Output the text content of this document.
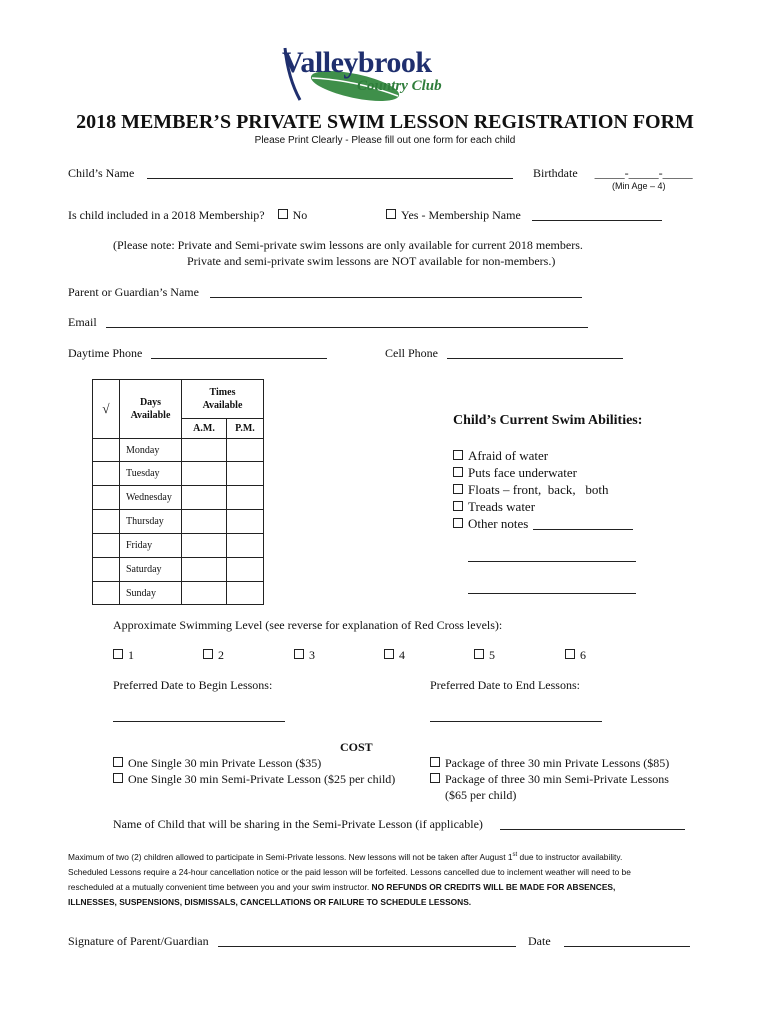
Valleybrook
Country Club
2018 MEMBER’S PRIVATE SWIM LESSON REGISTRATION FORM
Please Print Clearly - Please fill out one form for each child
Child’s Name	Birthdate _____-_____-_____
(Min Age – 4)
Is child included in a 2018 Membership? No	Yes - Membership Name
(Please note: Private and Semi-private swim lessons are only available for current 2018 members.
Private and semi-private swim lessons are NOT available for non-members.)
Parent or Guardian’s Name
Email
Daytime Phone	Cell Phone
√	Days Available	Times Available	
		A.M.	P.M.
	Monday		
	Tuesday		
	Wednesday		
	Thursday		
	Friday		
	Saturday		
	Sunday		
Child’s Current Swim Abilities:
Afraid of water
Puts face underwater
Floats – front,  back,   both
Treads water
Other notes
Approximate Swimming Level (see reverse for explanation of Red Cross levels):
1	2	3	4	5	6
Preferred Date to Begin Lessons:	Preferred Date to End Lessons:
COST
One Single 30 min Private Lesson ($35)
One Single 30 min Semi-Private Lesson ($25 per child)
Package of three 30 min Private Lessons ($85)
Package of three 30 min Semi-Private Lessons
($65 per child)
Name of Child that will be sharing in the Semi-Private Lesson (if applicable)
Maximum of two (2) children allowed to participate in Semi-Private lessons. New lessons will not be taken after August 1st due to instructor availability.
Scheduled Lessons require a 24-hour cancellation notice or the paid lesson will be forfeited. Lessons cancelled due to inclement weather will need to be
rescheduled at a mutually convenient time between you and your swim instructor. NO REFUNDS OR CREDITS WILL BE MADE FOR ABSENCES,
ILLNESSES, SUSPENSIONS, DISMISSALS, CANCELLATIONS OR FAILURE TO SCHEDULE LESSONS.
Signature of Parent/Guardian	Date
